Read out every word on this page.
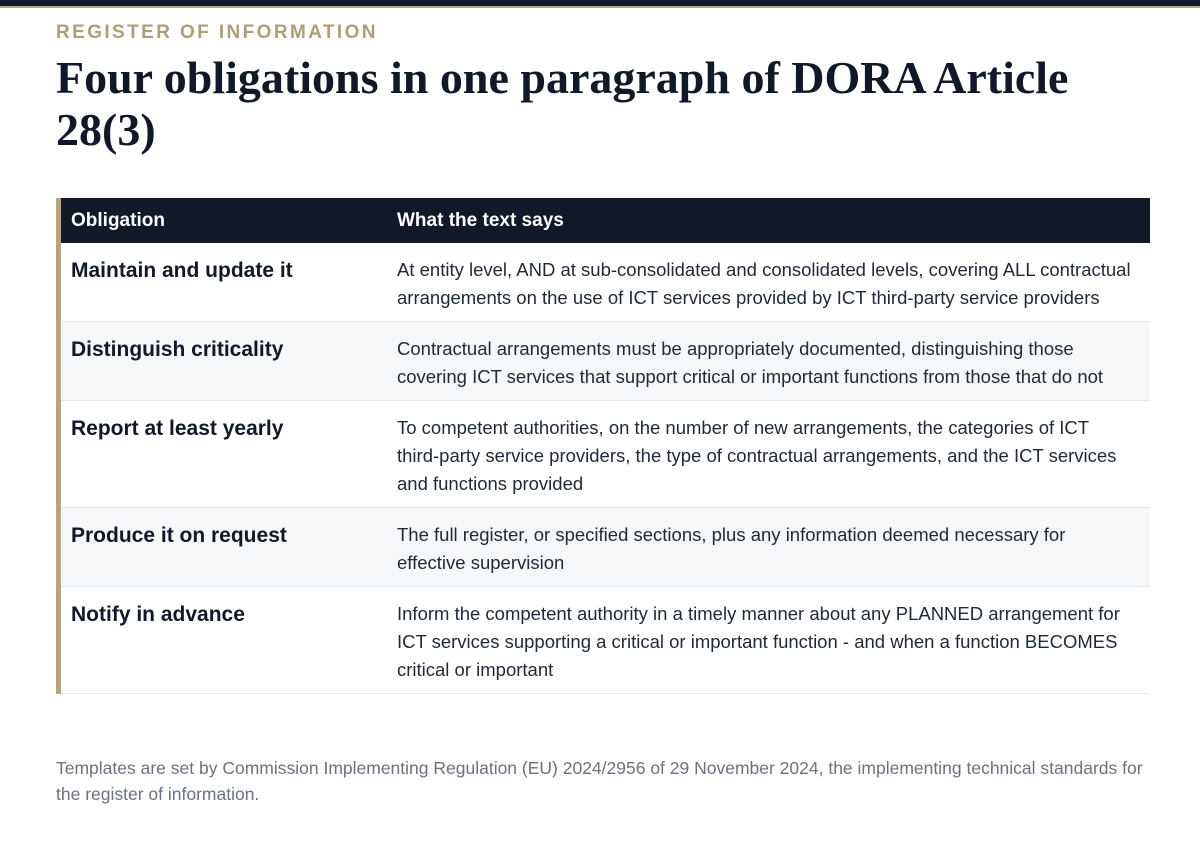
REGISTER OF INFORMATION
Four obligations in one paragraph of DORA Article 28(3)
Obligation	What the text says
Maintain and update it	At entity level, AND at sub-consolidated and consolidated levels, covering ALL contractual arrangements on the use of ICT services provided by ICT third-party service providers
Distinguish criticality	Contractual arrangements must be appropriately documented, distinguishing those covering ICT services that support critical or important functions from those that do not
Report at least yearly	To competent authorities, on the number of new arrangements, the categories of ICT third-party service providers, the type of contractual arrangements, and the ICT services and functions provided
Produce it on request	The full register, or specified sections, plus any information deemed necessary for effective supervision
Notify in advance	Inform the competent authority in a timely manner about any PLANNED arrangement for ICT services supporting a critical or important function - and when a function BECOMES critical or important
Templates are set by Commission Implementing Regulation (EU) 2024/2956 of 29 November 2024, the implementing technical standards for the register of information.
